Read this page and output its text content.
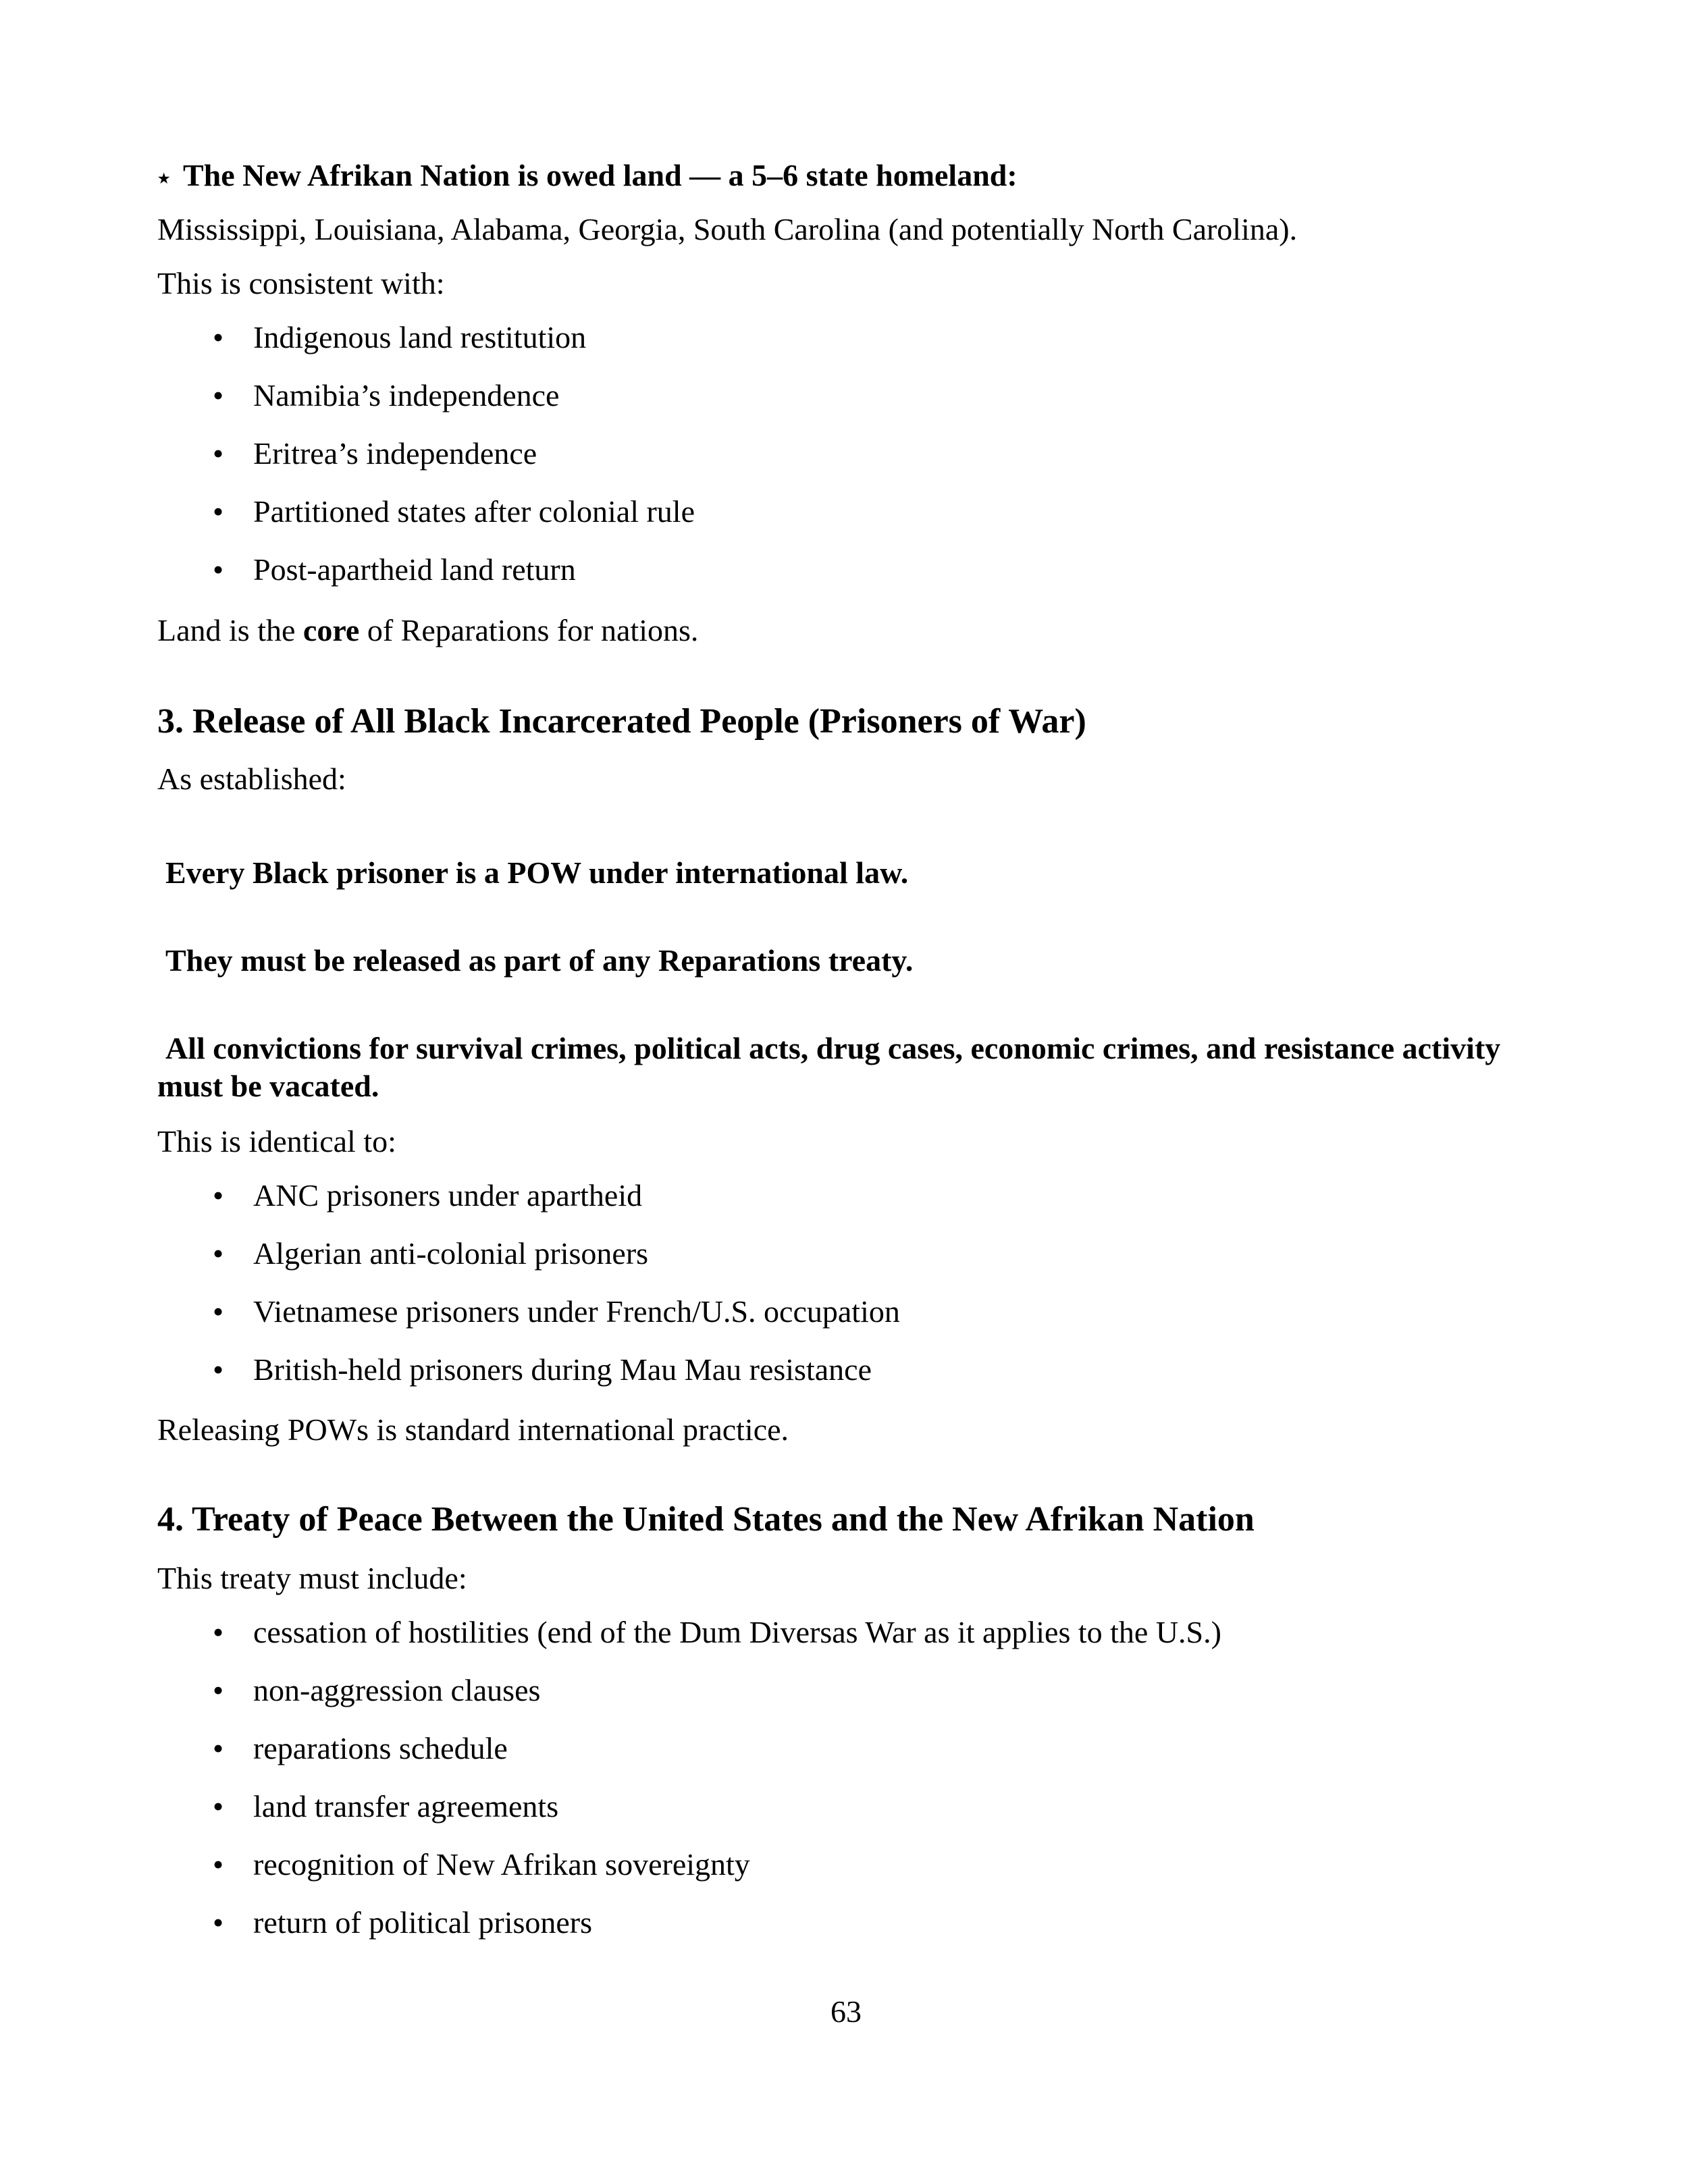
⭑ The New Afrikan Nation is owed land — a 5–6 state homeland:
Mississippi, Louisiana, Alabama, Georgia, South Carolina (and potentially North Carolina).
This is consistent with:
• Indigenous land restitution
• Namibia’s independence
• Eritrea’s independence
• Partitioned states after colonial rule
• Post-apartheid land return
Land is the core of Reparations for nations.
3. Release of All Black Incarcerated People (Prisoners of War)
As established:
Every Black prisoner is a POW under international law.
They must be released as part of any Reparations treaty.
All convictions for survival crimes, political acts, drug cases, economic crimes, and resistance activity must be vacated.
This is identical to:
• ANC prisoners under apartheid
• Algerian anti-colonial prisoners
• Vietnamese prisoners under French/U.S. occupation
• British-held prisoners during Mau Mau resistance
Releasing POWs is standard international practice.
4. Treaty of Peace Between the United States and the New Afrikan Nation
This treaty must include:
• cessation of hostilities (end of the Dum Diversas War as it applies to the U.S.)
• non-aggression clauses
• reparations schedule
• land transfer agreements
• recognition of New Afrikan sovereignty
• return of political prisoners
63
